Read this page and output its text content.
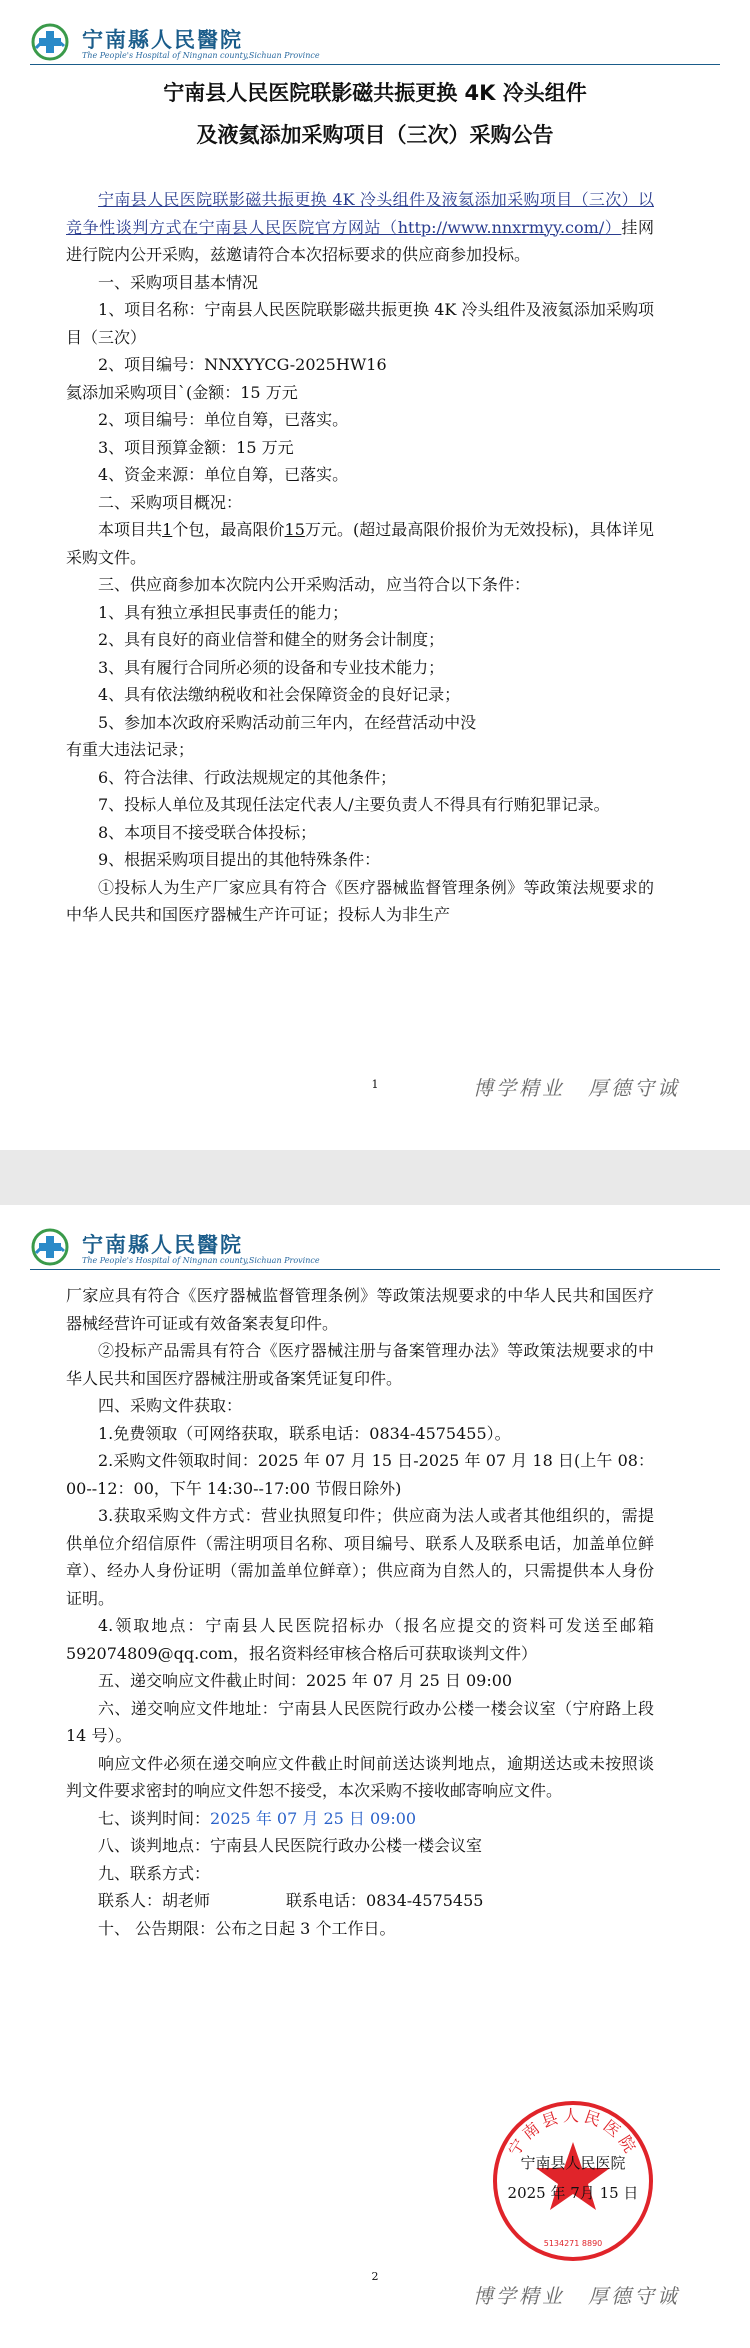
宁南縣人民醫院
The People's Hospital of Ningnan county,Sichuan Province
宁南县人民医院联影磁共振更换 4K 冷头组件
及液氦添加采购项目（三次）采购公告

宁南县人民医院联影磁共振更换 4K 冷头组件及液氦添加采购项目（三次）以竞争性谈判方式在宁南县人民医院官方网站（http://www.nnxrmyy.com/）挂网进行院内公开采购，兹邀请符合本次招标要求的供应商参加投标。

一、采购项目基本情况

1、项目名称：宁南县人民医院联影磁共振更换 4K 冷头组件及液氦添加采购项目（三次）

2、项目编号：NNXYYCG-2025HW16

氦添加采购项目`(金额：15 万元

2、项目编号：单位自筹，已落实。

3、项目预算金额：15 万元

4、资金来源：单位自筹，已落实。

二、采购项目概况：

本项目共1个包，最高限价15万元。(超过最高限价报价为无效投标)，具体详见采购文件。

三、供应商参加本次院内公开采购活动，应当符合以下条件：

1、具有独立承担民事责任的能力；

2、具有良好的商业信誉和健全的财务会计制度；

3、具有履行合同所必须的设备和专业技术能力；

4、具有依法缴纳税收和社会保障资金的良好记录；

5、参加本次政府采购活动前三年内，在经营活动中没

有重大违法记录；

6、符合法律、行政法规规定的其他条件；

7、投标人单位及其现任法定代表人/主要负责人不得具有行贿犯罪记录。

8、本项目不接受联合体投标；

9、根据采购项目提出的其他特殊条件：

①投标人为生产厂家应具有符合《医疗器械监督管理条例》等政策法规要求的中华人民共和国医疗器械生产许可证；投标人为非生产

1	博学精业　厚德守诚
宁南縣人民醫院
The People's Hospital of Ningnan county,Sichuan Province

厂家应具有符合《医疗器械监督管理条例》等政策法规要求的中华人民共和国医疗器械经营许可证或有效备案表复印件。

②投标产品需具有符合《医疗器械注册与备案管理办法》等政策法规要求的中华人民共和国医疗器械注册或备案凭证复印件。

四、采购文件获取：

1.免费领取（可网络获取，联系电话：0834-4575455）。

2.采购文件领取时间：2025 年 07 月 15 日-2025 年 07 月 18 日(上午 08：00--12：00，下午 14:30--17:00 节假日除外)

3.获取采购文件方式：营业执照复印件；供应商为法人或者其他组织的，需提供单位介绍信原件（需注明项目名称、项目编号、联系人及联系电话，加盖单位鲜章）、经办人身份证明（需加盖单位鲜章）；供应商为自然人的，只需提供本人身份证明。

4.领取地点：宁南县人民医院招标办（报名应提交的资料可发送至邮箱 592074809@qq.com，报名资料经审核合格后可获取谈判文件）

五、递交响应文件截止时间：2025 年 07 月 25 日 09:00

六、递交响应文件地址：宁南县人民医院行政办公楼一楼会议室（宁府路上段 14 号）。

响应文件必须在递交响应文件截止时间前送达谈判地点，逾期送达或未按照谈判文件要求密封的响应文件恕不接受，本次采购不接收邮寄响应文件。

七、谈判时间：2025 年 07 月 25 日 09:00

八、谈判地点：宁南县人民医院行政办公楼一楼会议室

九、联系方式：

联系人：胡老师	联系电话：0834-4575455

十、 公告期限：公布之日起 3 个工作日。

宁南县人民医院
5134271 8890
宁南县人民医院
2025 年 7月 15 日
2
博学精业　厚德守诚
